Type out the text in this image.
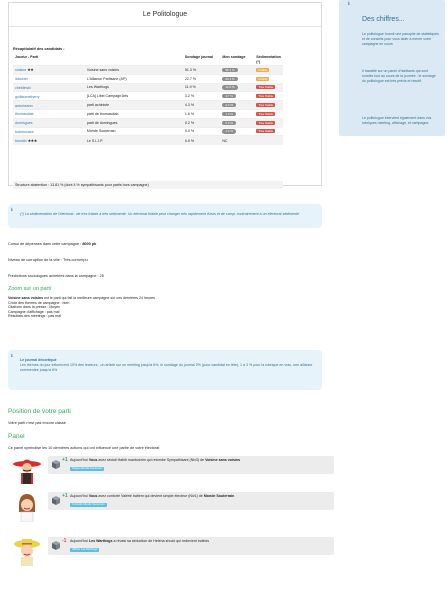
Le Politologue
Récapitulatif des candidats :
Joueur - Parti		Sondage journal	Mon sondage	Sédimentation (*)
voisine ★★	Voisine sans voisins	51.3 %	55.1 %	Friable
lidoonet	L'Alliance Partisane (AP)	22.7 %	23.1 %	Friable
cheblinski	Les Warthogs	11.9 %	12.6 %	Très friable
guillaumetherry	[LCA] Libel Campagn'Arts	3.2 %	4.7 %	Très friable
antoinsano	parti achiniste	4.3 %	2.0 %	Très friable
thomasdiab	parti de thomasdiab	1.6 %	1.3 %	Très friable
domingues	parti de domingues	0.2 %	0.0 %	Très friable
bubmovaxe	Monde Souterrain	0.0 %	1.3 %	Très friable
biondin ★★★	Le S.I.J.P.	0.0 %	NC	
Structure abstention : 13.81 % (dont 4 % sympathisants pour partis hors campagne)
ℹ
(*) La sédimentation de l'électorat : de très friable à très sédimenté. Un électorat friable peut changer très rapidement d'avis et de camp, contrairement à un électorat sédimenté
Cumul de dépenses dans cette campagne : 8000 pk
Niveau de corruption de la ville : Très corrompu
Prédictions sociologues achetées dans la campagne : 25
Zoom sur un parti
Voisine sans voisins est le parti qui fait la meilleure campagne sur ces dernières 24 heures
Choix des themes de campagne : bien
Citations dans la presse : Moyen
Campagne d'affichage : pas mal
Résultats des meetings : pas mal
ℹ
Le journal décortiqué
Les thèmes du jour influencent 10% des lecteurs , un article sur un meeting jusqu'à 6%, le sondage du journal 2% (pour candidat en tête), 1 à 3 % pour la rubrique en vrac, une alliance commentée jusqu'à 6%
Position de votre parti
Votre parti n'est pas encore classé
Panel
Ce panel symbolise les 10 dernières actions qui ont influencé une partie de votre électorat
+1 Aujourd'hui Vous avez séduit Habib manbokrim qui retombe Sympathisant (Niv3) de Voisine sans voisins
Slogan Monde Souterrain
+1 Aujourd'hui Vous avez conforté Valérie bafiem qui devient simple électeur (Niv1) de Monde Souterrain
Curiosité Monde Souterrain
-1 Aujourd'hui Les Warthogs a réussi sa séduction de Helena shozö qui redevient indécis
Affiche Les Warthogs
ℹ
Des chiffres...
Le politologue fournit une panoplie de statistiques et de conseils pour vous aider à mener votre campagne en cours
Il travaille sur un panel d'habitants qui sont sondés tout au cours de la journée : le sondage du politologue est très précis et réactif.
Le politologue intervient également dans vos rubriques meeting, affichage, et campagne.
